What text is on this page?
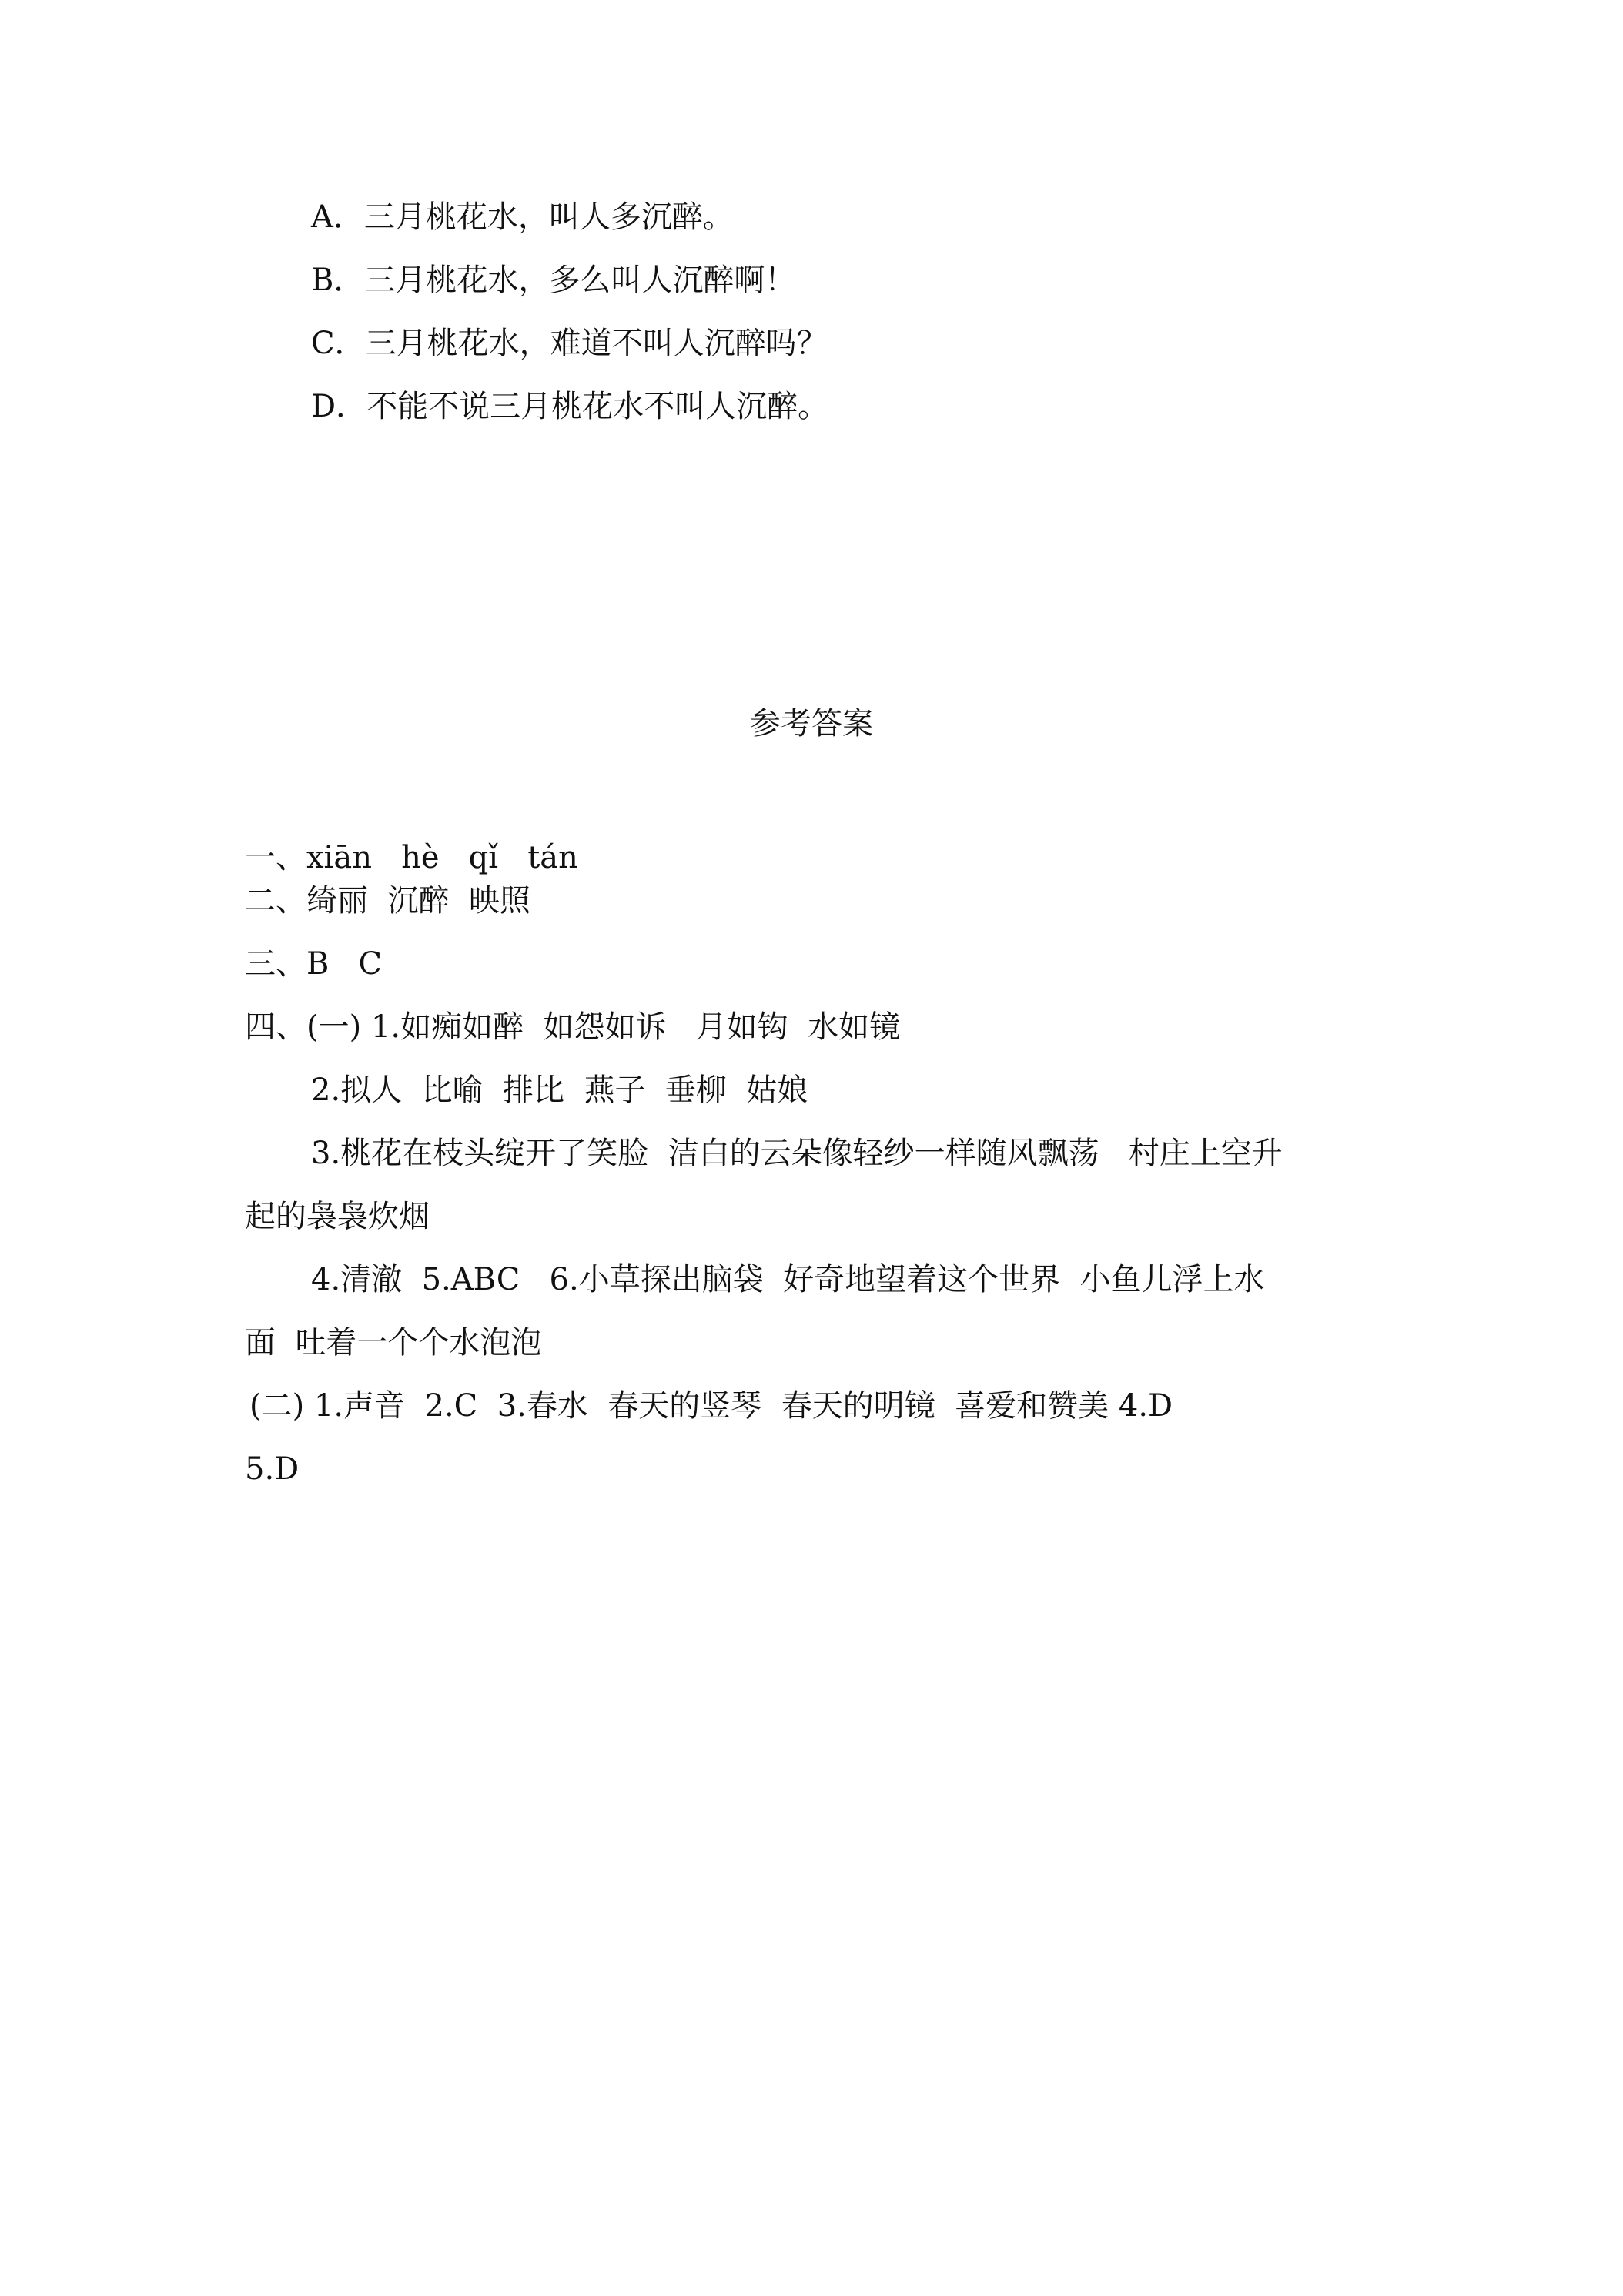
A．三月桃花水，叫人多沉醉。
B．三月桃花水，多么叫人沉醉啊！
C．三月桃花水，难道不叫人沉醉吗？
D．不能不说三月桃花水不叫人沉醉。
参考答案
一、xiān   hè   qǐ   tán
二、绮丽  沉醉  映照
三、B   C
四、(一) 1.如痴如醉  如怨如诉   月如钩  水如镜
2.拟人  比喻  排比  燕子  垂柳  姑娘
3.桃花在枝头绽开了笑脸  洁白的云朵像轻纱一样随风飘荡   村庄上空升
起的袅袅炊烟
4.清澈  5.ABC   6.小草探出脑袋  好奇地望着这个世界  小鱼儿浮上水
面  吐着一个个水泡泡
(二) 1.声音  2.C  3.春水  春天的竖琴  春天的明镜  喜爱和赞美 4.D
5.D
